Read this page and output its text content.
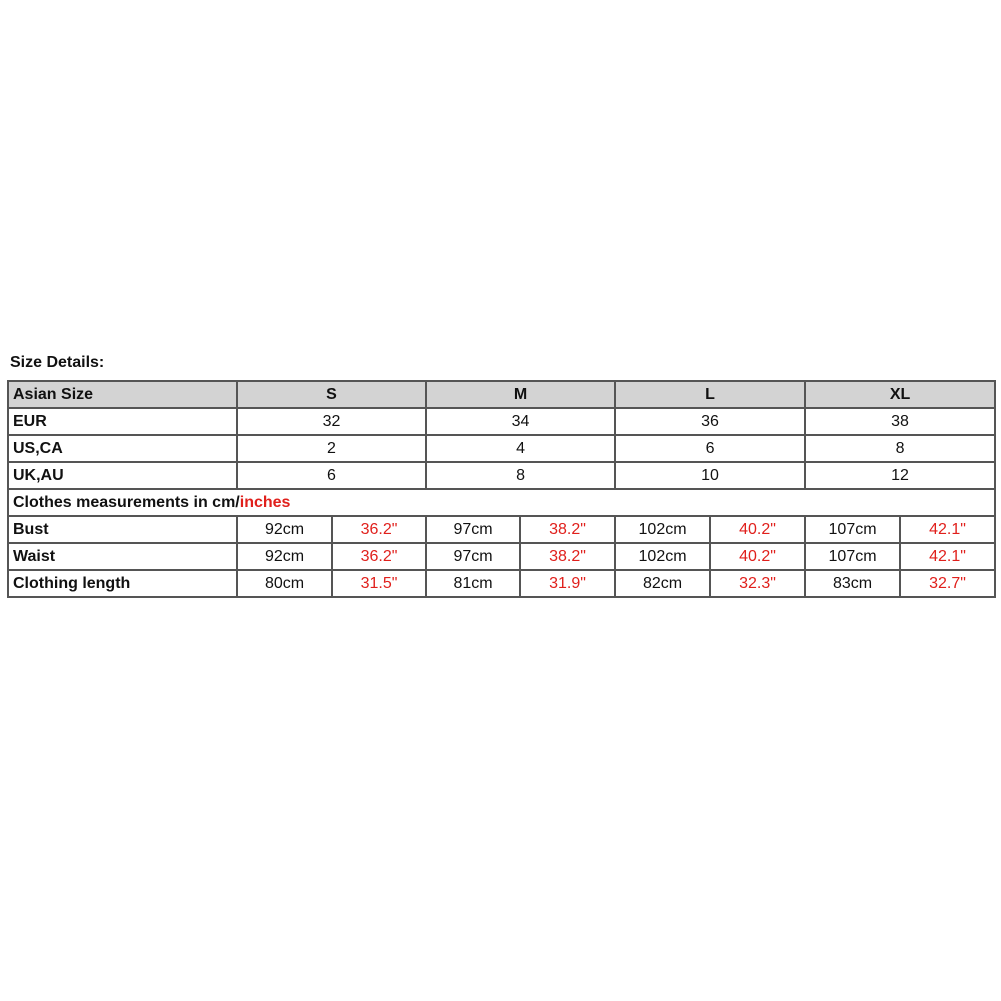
Size Details:
Asian Size	S		M		L		XL	
EUR	32		34		36		38	
US,CA	2		4		6		8	
UK,AU	6		8		10		12	
Clothes measurements in cm/inches								
Bust	92cm	36.2"	97cm	38.2"	102cm	40.2"	107cm	42.1"
Waist	92cm	36.2"	97cm	38.2"	102cm	40.2"	107cm	42.1"
Clothing length	80cm	31.5"	81cm	31.9"	82cm	32.3"	83cm	32.7"
